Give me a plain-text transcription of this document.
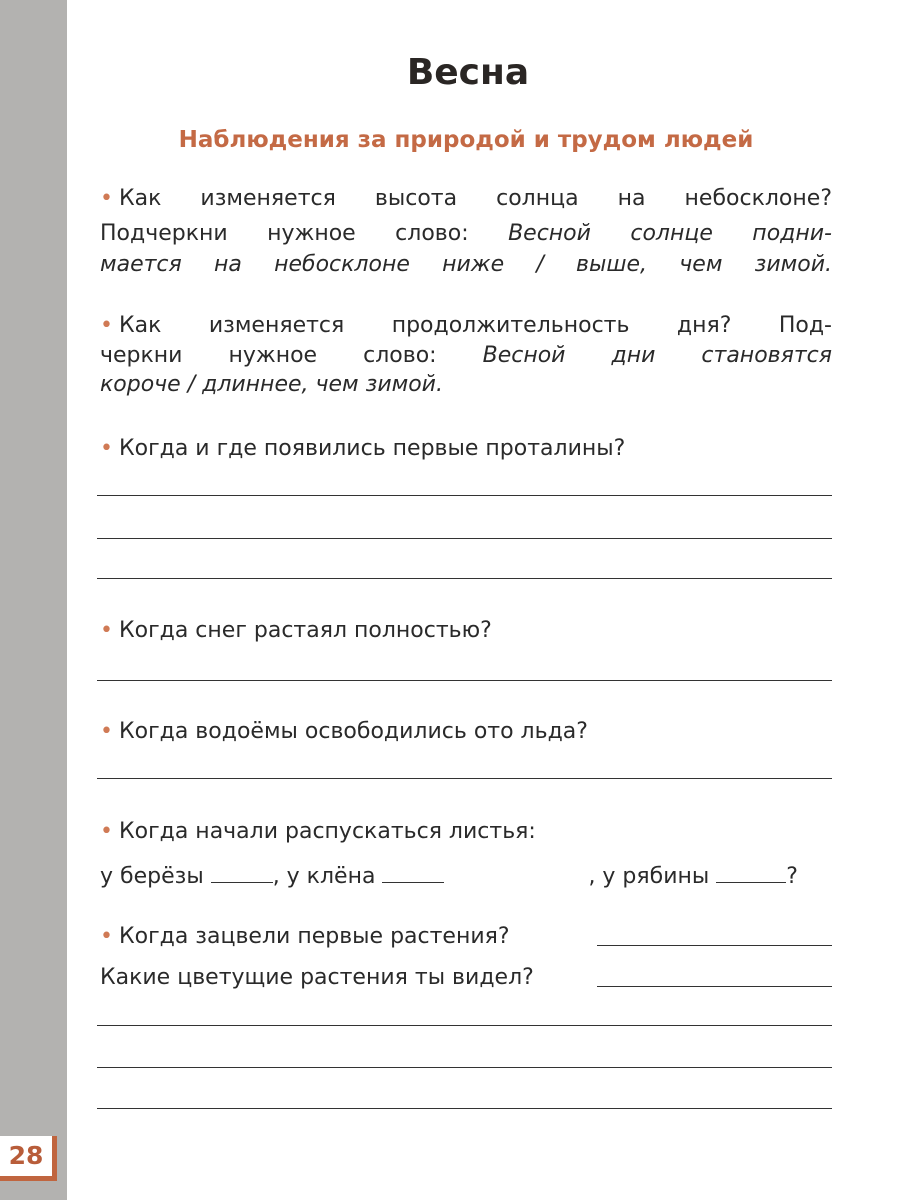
28
Весна
Наблюдения за природой и трудом людей
• Как изменяется высота солнца на небосклоне?
Подчеркни нужное слово: Весной солнце подни-
мается на небосклоне ниже / выше, чем зимой.
• Как изменяется продолжительность дня? Под-
черкни нужное слово: Весной дни становятся
короче / длиннее, чем зимой.
• Когда и где появились первые проталины?
• Когда снег растаял полностью?
• Когда водоёмы освободились ото льда?
• Когда начали распускаться листья:
у берёзы	, у клёна	, у рябины	?
• Когда зацвели первые растения?
Какие цветущие растения ты видел?
